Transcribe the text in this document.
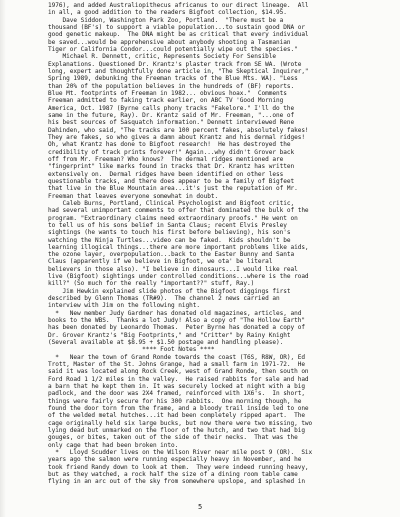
1976), and added Australiopithecus africanus to our direct lineage.  All
in all, a good addition to the readers Bigfoot collection, $14.95.
Dave Siddon, Washington Park Zoo, Portland.  "There must be a
thousand (BF's) to support a viable population...to sustain good DNA or
good genetic makeup.  The DNA might be as critical that every individual
be saved...would be apprehensive about anybody shooting a Tasmanian
Tiger or California Condor...could potentially wipe out the species."
Michael R. Dennett, critic, Represents Society For Sensible
Explanations. Questioned Dr. Krantz's plaster track from SE WA. (Wrote
long, expert and thoughtfully done article in, "The Skeptical Inquirer,"
Spring 1989, debunking the Freeman tracks of the Blue Mts. WA). "Less
than 20% of the population believes in the hundreds of (BF) reports.
Blue Mt. footprints of Freeman in 1982... obvious hoax."  Comments
Freeman admitted to faking track earlier, on ABC TV 'Good Morning
America, Oct. 1987 (Byrne calls phony tracks "Fakelore." I'll do the
same in the future, Ray). Dr. Krantz said of Mr. Freeman, "...one of
his best sources of Sasquatch information." Dennett interviewed Rene
Dahinden, who said, "The tracks are 100 percent fakes, absolutely fakes!
They are fakes, so who gives a damn about Krantz and his dermal ridges!
Oh, what Krantz has done to Bigfoot research!  He has destroyed the
credibility of track prints forever!" Again...why didn't Grover back
off from Mr. Freeman? Who knows?  The dermal ridges mentioned are
"fingerprint" like marks found in tracks that Dr. Krantz has written
extensively on.  Dermal ridges have been identified on other less
questionable tracks, and there does appear to be a family of Bigfeet
that live in the Blue Mountain area...it's just the reputation of Mr.
Freeman that leaves everyone somewhat in doubt.
Caleb Burns, Portland, Clinical Psychologist and Bigfoot critic,
had several unimportant comments to offer that dominated the bulk of the
program. "Extraordinary claims need extraordinary proofs." He went on
to tell us of his sons belief in Santa Claus; recent Elvis Presley
sightings (he wants to touch his first before believing), his son's
watching the Ninja Turtles...video can be faked.  Kids shouldn't be
learning illogical things...there are more important problems like aids,
the ozone layer, overpopulation...back to the Easter Bunny and Santa
Claus (apparently if we believe in Bigfoot, we ota' be literal
believers in those also). "I believe in dinosaurs...I would like real
live (Bigfoot) sightings under controlled conditions...where is the road
kill?" (So much for the really "important??" stuff, Ray.)
Jim Hewkin explained slide photos of the Bigfoot diggings first
described by Glenn Thomas (TR#9).  The channel 2 news carried an
interview with Jim on the following night.
*   New member Judy Gardner has donated old magazines, articles, and
books to the WBS.  Thanks a lot Judy! Also a copy of "The Hollow Earth"
has been donated by Leonardo Thomas.  Peter Byrne has donated a copy of
Dr. Grover Krantz's "Big Footprints," and "Critter" by Rainy Knight
(Several available at $8.95 + $1.50 postage and handling please).
**** Foot Notes ****
*   Near the town of Grand Ronde towards the coast (T6S, R8W, OR), Ed
Trott, Master of the St. Johns Grange, had a small farm in 1971-72.  He
said it was located along Rock Creek, west of Grand Ronde, then south on
Ford Road 1 1/2 miles in the valley.  He raised rabbits for sale and had
a barn that he kept them in. It was securely locked at night with a big
padlock, and the door was 2X4 framed, reinforced with 1X6's.  In short,
things were fairly secure for his 300 rabbits.  One morning though, he
found the door torn from the frame, and a bloody trail inside led to one
of the welded metal hutches...it had been completely ripped apart.  The
cage originally held six large bucks, but now there were two missing, two
lying dead but unmarked on the floor of the hutch, and two that had big
gouges, or bites, taken out of the side of their necks.  That was the
only cage that had been broken into.
*   Lloyd Scudder lives on the Wilson River near mile post 9 (OR).  Six
years ago the salmon were running especially heavy in November, and he
took friend Randy down to look at them.  They were indeed running heavy,
but as they watched, a rock half the size of a dining room table came
flying in an arc out of the sky from somewhere upslope, and splashed in
5
